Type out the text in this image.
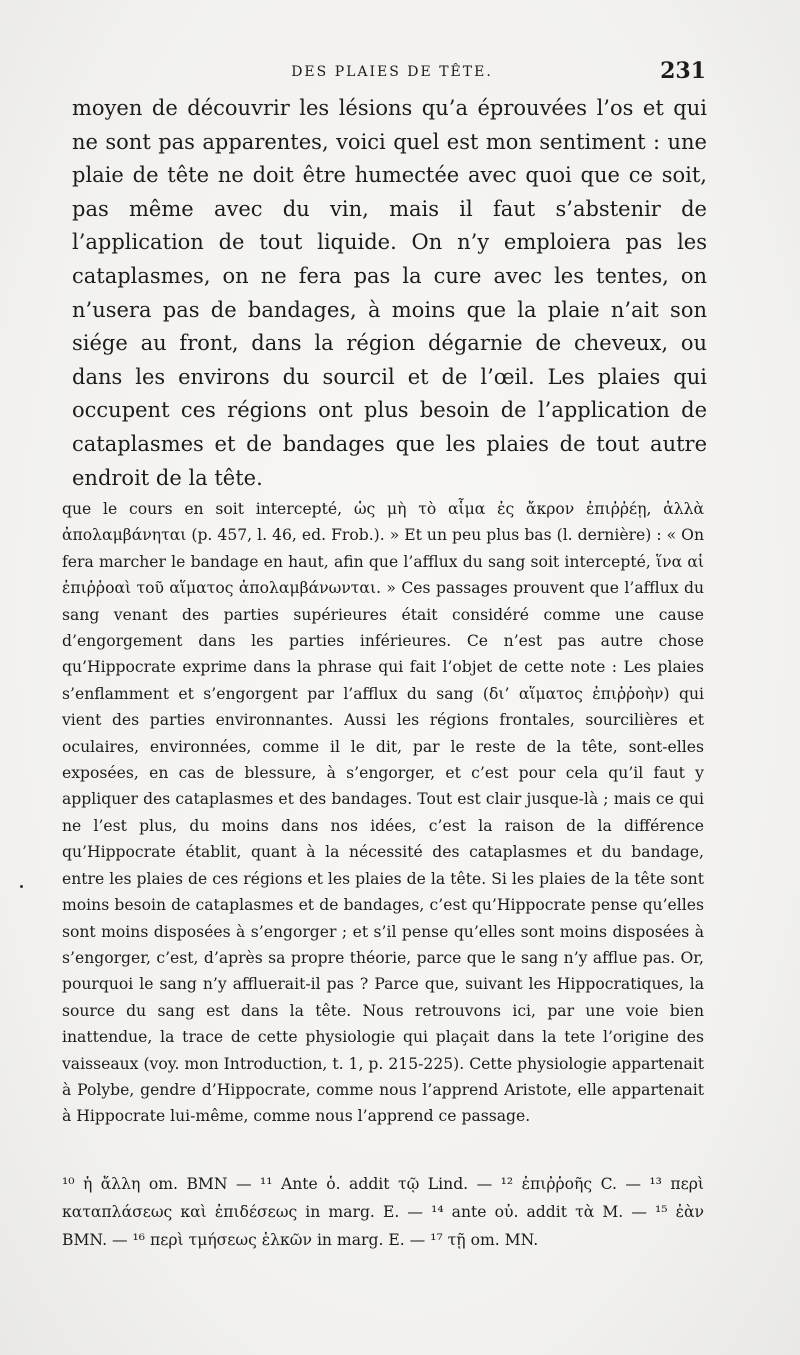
DES PLAIES DE TÊTE.	231

moyen de découvrir les lésions qu’a éprouvées l’os et qui ne sont pas apparentes, voici quel est mon sentiment : une plaie de tête ne doit être humectée avec quoi que ce soit, pas même avec du vin, mais il faut s’abstenir de l’application de tout liquide. On n’y emploiera pas les cataplasmes, on ne fera pas la cure avec les tentes, on n’usera pas de bandages, à moins que la plaie n’ait son siége au front, dans la région dégarnie de cheveux, ou dans les environs du sourcil et de l’œil. Les plaies qui occupent ces régions ont plus besoin de l’application de cataplasmes et de bandages que les plaies de tout autre endroit de la tête.

que le cours en soit intercepté, ὡς μὴ τὸ αἷμα ἐς ἄκρον ἐπιῤῥέῃ, ἀλλὰ ἀπολαμβάνηται (p. 457, l. 46, ed. Frob.). » Et un peu plus bas (l. dernière) : « On fera marcher le bandage en haut, afin que l’afflux du sang soit intercepté, ἵνα αἱ ἐπιῤῥοαὶ τοῦ αἵματος ἀπολαμβάνωνται. » Ces passages prouvent que l’afflux du sang venant des parties supérieures était considéré comme une cause d’engorgement dans les parties inférieures. Ce n’est pas autre chose qu’Hippocrate exprime dans la phrase qui fait l’objet de cette note : Les plaies s’enflamment et s’engorgent par l’afflux du sang (δι’ αἵματος ἐπιῤῥοὴν) qui vient des parties environnantes. Aussi les régions frontales, sourcilières et oculaires, environnées, comme il le dit, par le reste de la tête, sont-elles exposées, en cas de blessure, à s’engorger, et c’est pour cela qu’il faut y appliquer des cataplasmes et des bandages. Tout est clair jusque-là ; mais ce qui ne l’est plus, du moins dans nos idées, c’est la raison de la différence qu’Hippocrate établit, quant à la nécessité des cataplasmes et du bandage, entre les plaies de ces régions et les plaies de la tête. Si les plaies de la tête sont moins besoin de cataplasmes et de bandages, c’est qu’Hippocrate pense qu’elles sont moins disposées à s’engorger ; et s’il pense qu’elles sont moins disposées à s’engorger, c’est, d’après sa propre théorie, parce que le sang n’y afflue pas. Or, pourquoi le sang n’y affluerait-il pas ? Parce que, suivant les Hippocratiques, la source du sang est dans la tête. Nous retrouvons ici, par une voie bien inattendue, la trace de cette physiologie qui plaçait dans la tete l’origine des vaisseaux (voy. mon Introduction, t. 1, p. 215-225). Cette physiologie appartenait à Polybe, gendre d’Hippocrate, comme nous l’apprend Aristote, elle appartenait à Hippocrate lui-même, comme nous l’apprend ce passage.

¹⁰ ἡ ἄλλη om. BMN — ¹¹ Ante ὁ. addit τῷ Lind. — ¹² ἐπιῤῥοῆς C. — ¹³ περὶ καταπλάσεως καὶ ἐπιδέσεως in marg. E. — ¹⁴ ante οὐ. addit τὰ M. — ¹⁵ ἐὰν BMN. — ¹⁶ περὶ τμήσεως ἑλκῶν in marg. E. — ¹⁷ τῇ om. MN.
